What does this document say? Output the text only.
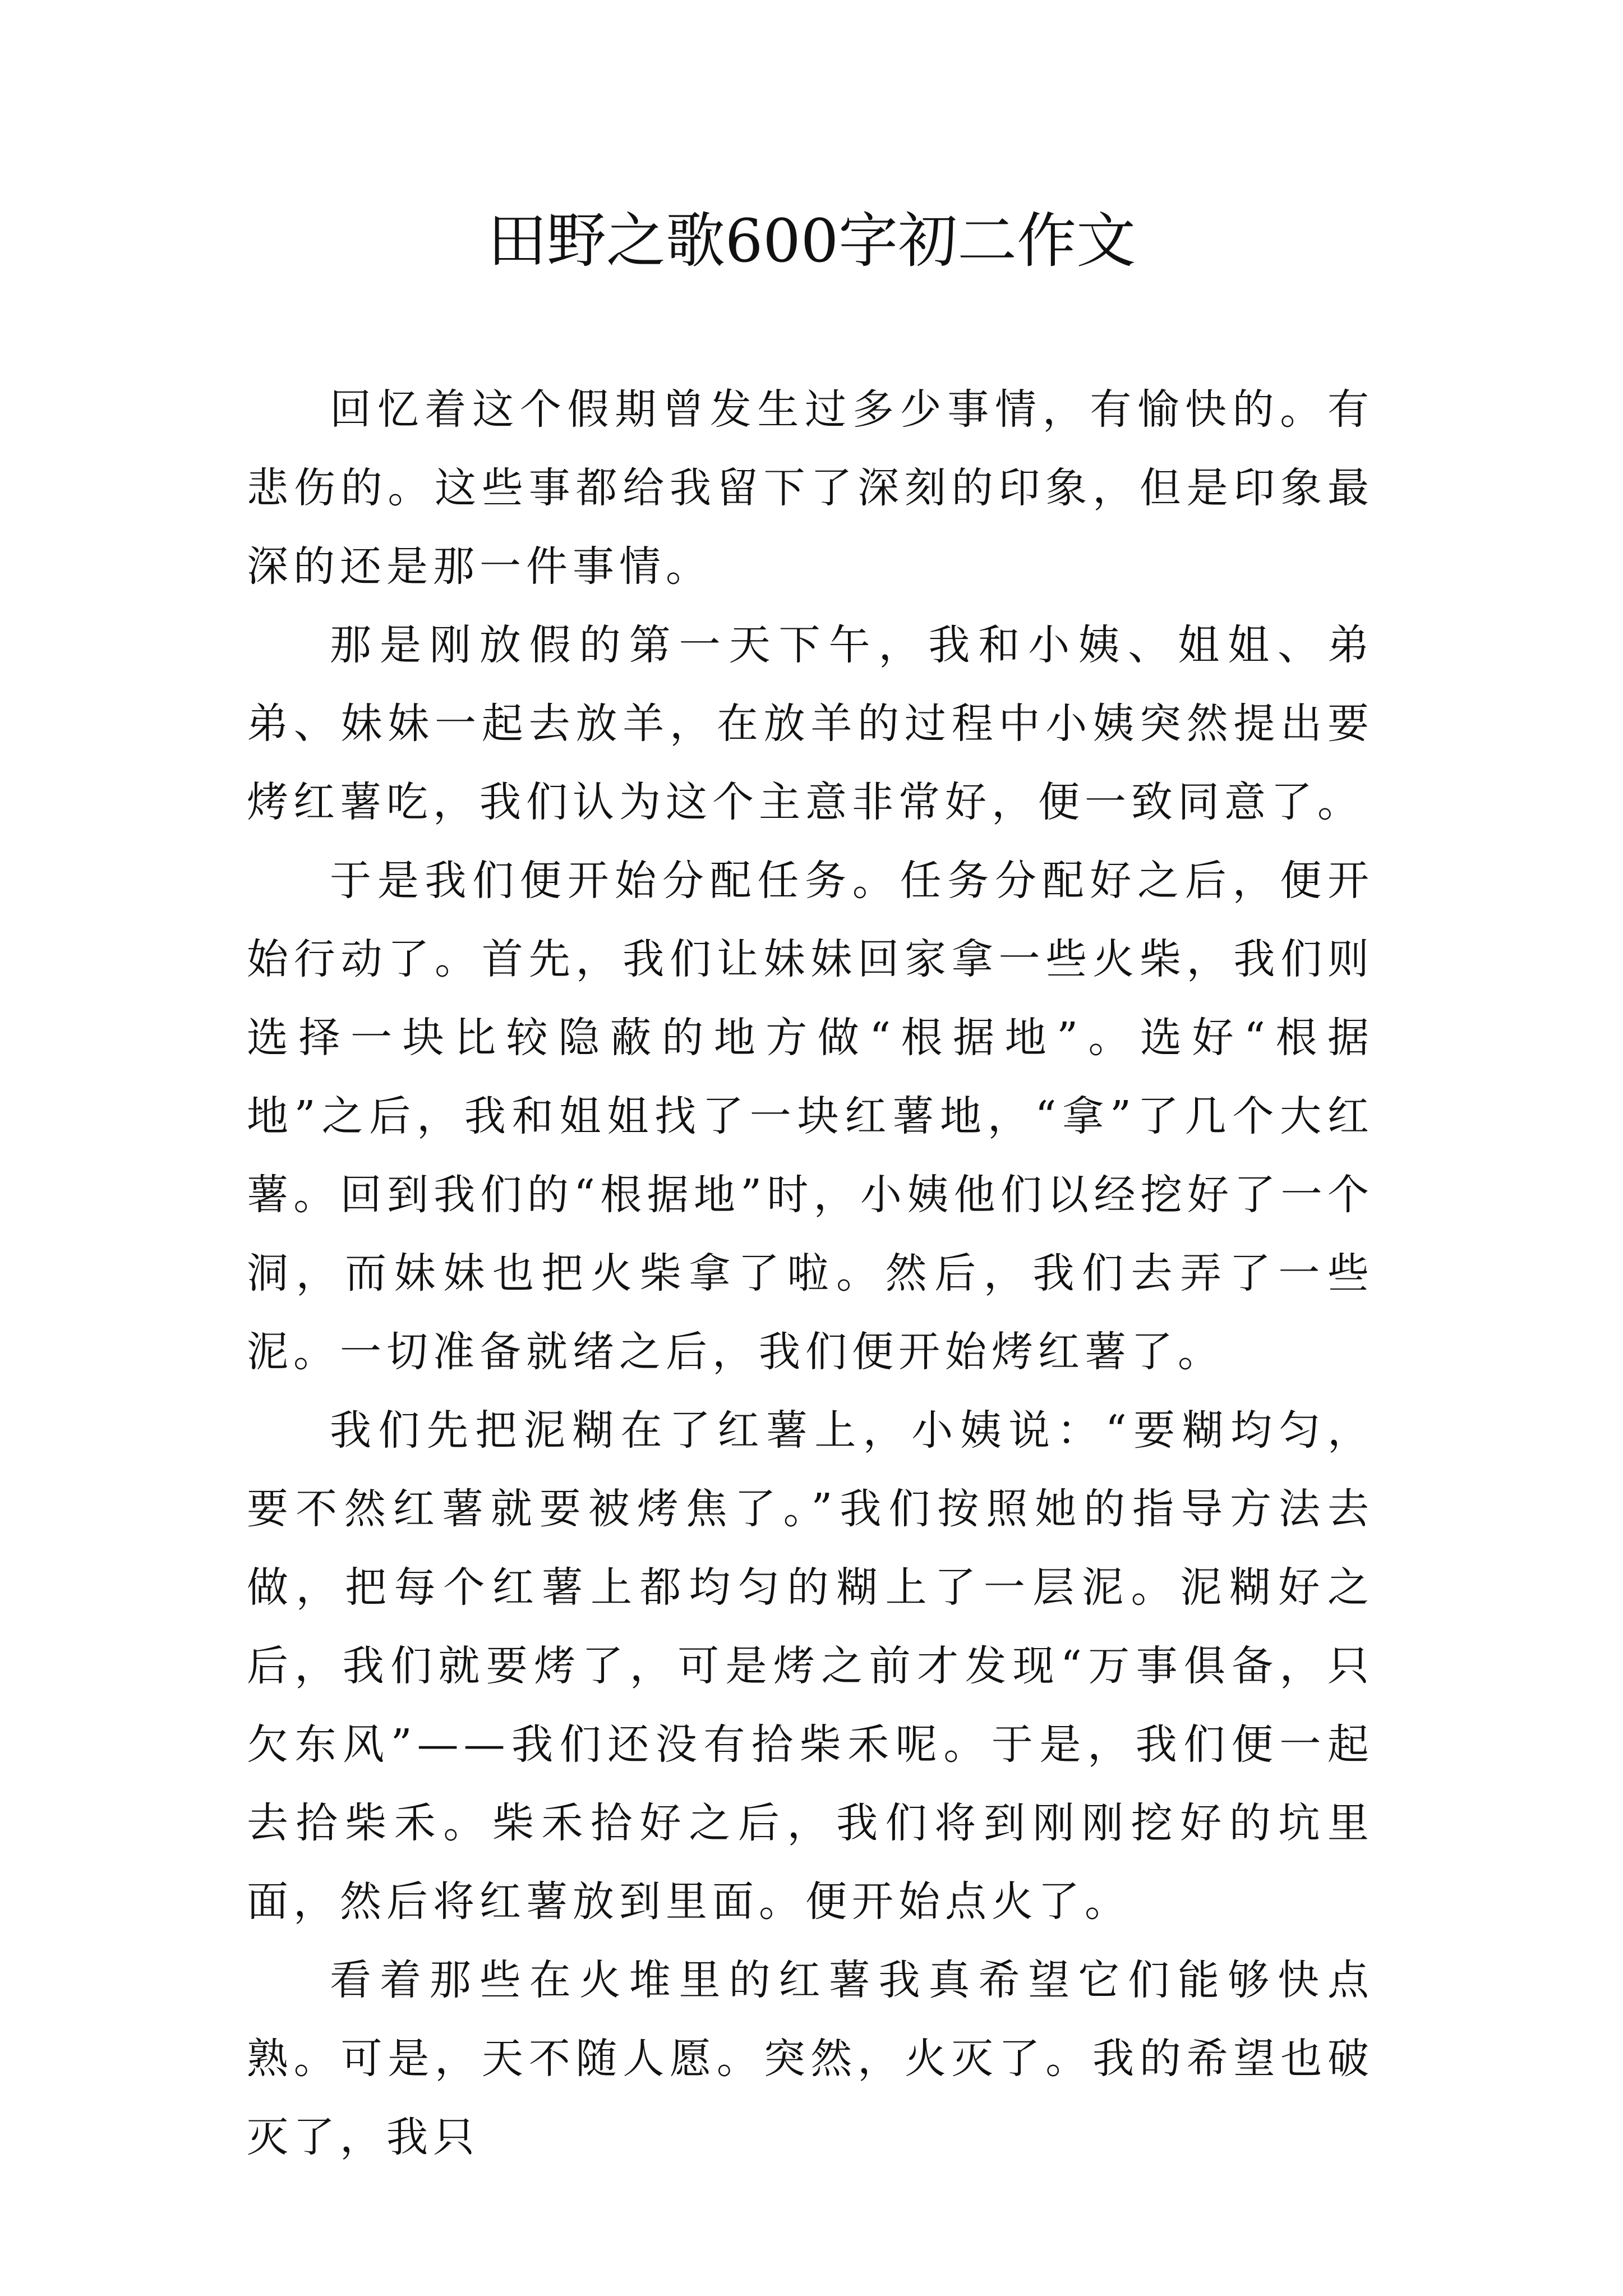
田野之歌600字初二作文

回忆着这个假期曾发生过多少事情，有愉快的。有悲伤的。这些事都给我留下了深刻的印象，但是印象最深的还是那一件事情。

那是刚放假的第一天下午，我和小姨、姐姐、弟弟、妹妹一起去放羊，在放羊的过程中小姨突然提出要烤红薯吃，我们认为这个主意非常好，便一致同意了。

于是我们便开始分配任务。任务分配好之后，便开始行动了。首先，我们让妹妹回家拿一些火柴，我们则选择一块比较隐蔽的地方做“根据地”。选好“根据地”之后，我和姐姐找了一块红薯地，“拿”了几个大红薯。回到我们的“根据地”时，小姨他们以经挖好了一个洞，而妹妹也把火柴拿了啦。然后，我们去弄了一些泥。一切准备就绪之后，我们便开始烤红薯了。

我们先把泥糊在了红薯上，小姨说：“要糊均匀，要不然红薯就要被烤焦了。”我们按照她的指导方法去做，把每个红薯上都均匀的糊上了一层泥。泥糊好之后，我们就要烤了，可是烤之前才发现“万事俱备，只欠东风”——我们还没有拾柴禾呢。于是，我们便一起去拾柴禾。柴禾拾好之后，我们将到刚刚挖好的坑里面，然后将红薯放到里面。便开始点火了。

看着那些在火堆里的红薯我真希望它们能够快点熟。可是，天不随人愿。突然，火灭了。我的希望也破灭了，我只
